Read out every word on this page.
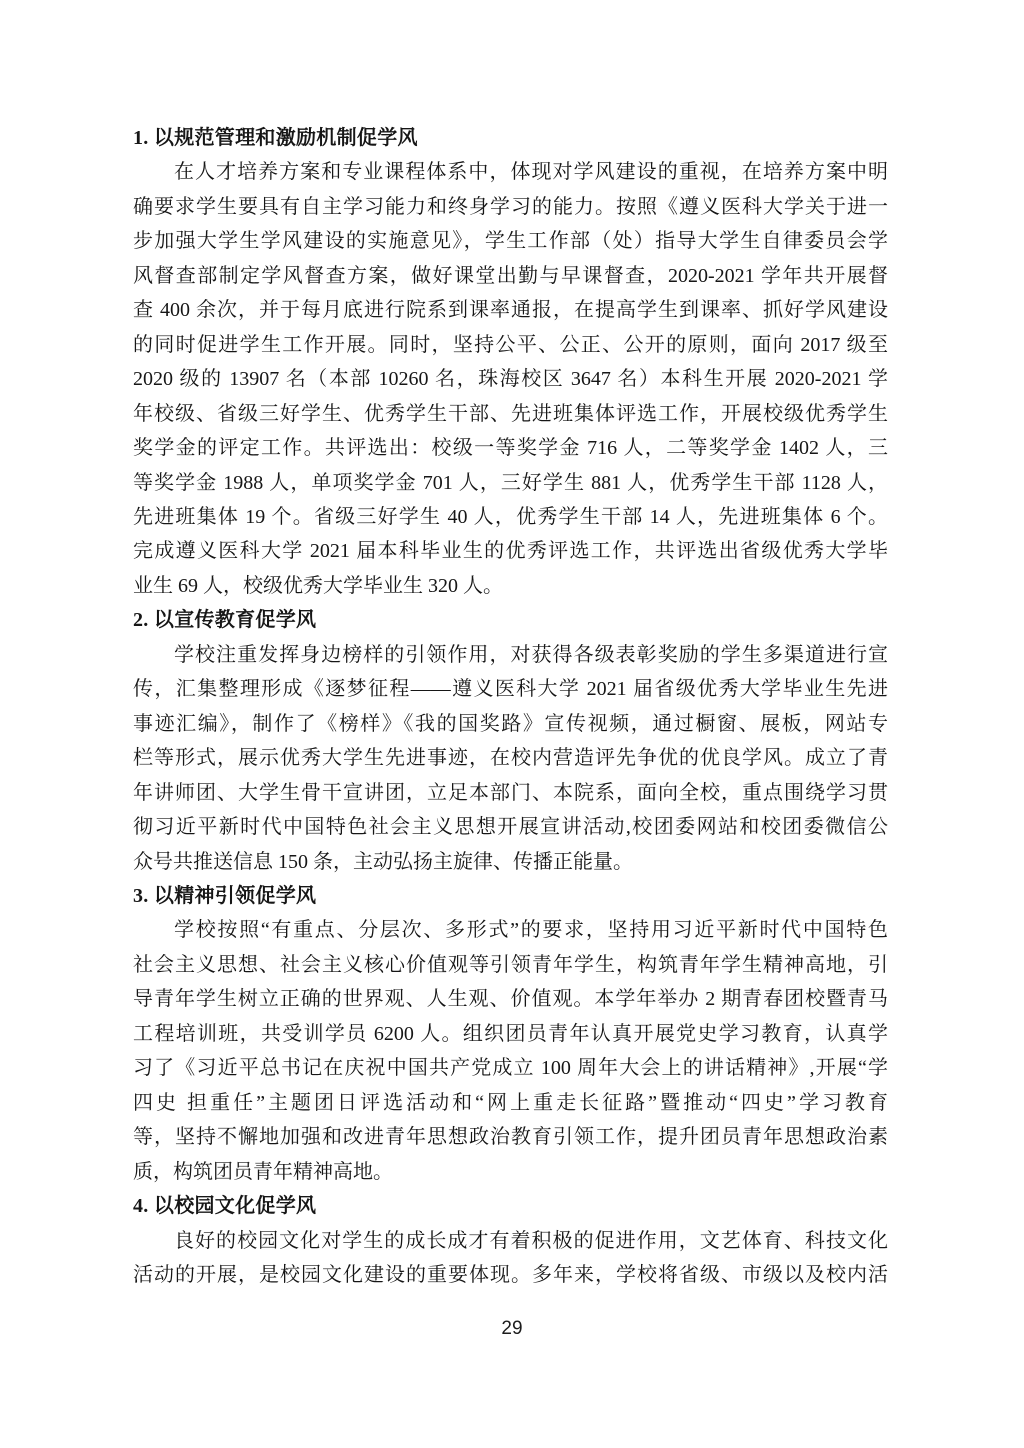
1. 以规范管理和激励机制促学风
在人才培养方案和专业课程体系中，体现对学风建设的重视，在培养方案中明
确要求学生要具有自主学习能力和终身学习的能力。按照《遵义医科大学关于进一
步加强大学生学风建设的实施意见》，学生工作部（处）指导大学生自律委员会学
风督查部制定学风督查方案，做好课堂出勤与早课督查，2020-2021 学年共开展督
查 400 余次，并于每月底进行院系到课率通报，在提高学生到课率、抓好学风建设
的同时促进学生工作开展。同时，坚持公平、公正、公开的原则，面向 2017 级至
2020 级的 13907 名（本部 10260 名，珠海校区 3647 名）本科生开展 2020-2021 学
年校级、省级三好学生、优秀学生干部、先进班集体评选工作，开展校级优秀学生
奖学金的评定工作。共评选出：校级一等奖学金 716 人，二等奖学金 1402 人，三
等奖学金 1988 人，单项奖学金 701 人，三好学生 881 人，优秀学生干部 1128 人，
先进班集体 19 个。省级三好学生 40 人，优秀学生干部 14 人，先进班集体 6 个。
完成遵义医科大学 2021 届本科毕业生的优秀评选工作，共评选出省级优秀大学毕
业生 69 人，校级优秀大学毕业生 320 人。
2. 以宣传教育促学风
学校注重发挥身边榜样的引领作用，对获得各级表彰奖励的学生多渠道进行宣
传，汇集整理形成《逐梦征程——遵义医科大学 2021 届省级优秀大学毕业生先进
事迹汇编》，制作了《榜样》《我的国奖路》宣传视频，通过橱窗、展板，网站专
栏等形式，展示优秀大学生先进事迹，在校内营造评先争优的优良学风。成立了青
年讲师团、大学生骨干宣讲团，立足本部门、本院系，面向全校，重点围绕学习贯
彻习近平新时代中国特色社会主义思想开展宣讲活动,校团委网站和校团委微信公
众号共推送信息 150 条，主动弘扬主旋律、传播正能量。
3. 以精神引领促学风
学校按照“有重点、分层次、多形式”的要求，坚持用习近平新时代中国特色
社会主义思想、社会主义核心价值观等引领青年学生，构筑青年学生精神高地，引
导青年学生树立正确的世界观、人生观、价值观。本学年举办 2 期青春团校暨青马
工程培训班，共受训学员 6200 人。组织团员青年认真开展党史学习教育，认真学
习了《习近平总书记在庆祝中国共产党成立 100 周年大会上的讲话精神》,开展“学
四史 担重任”主题团日评选活动和“网上重走长征路”暨推动“四史”学习教育
等，坚持不懈地加强和改进青年思想政治教育引领工作，提升团员青年思想政治素
质，构筑团员青年精神高地。
4. 以校园文化促学风
良好的校园文化对学生的成长成才有着积极的促进作用，文艺体育、科技文化
活动的开展，是校园文化建设的重要体现。多年来，学校将省级、市级以及校内活
29
